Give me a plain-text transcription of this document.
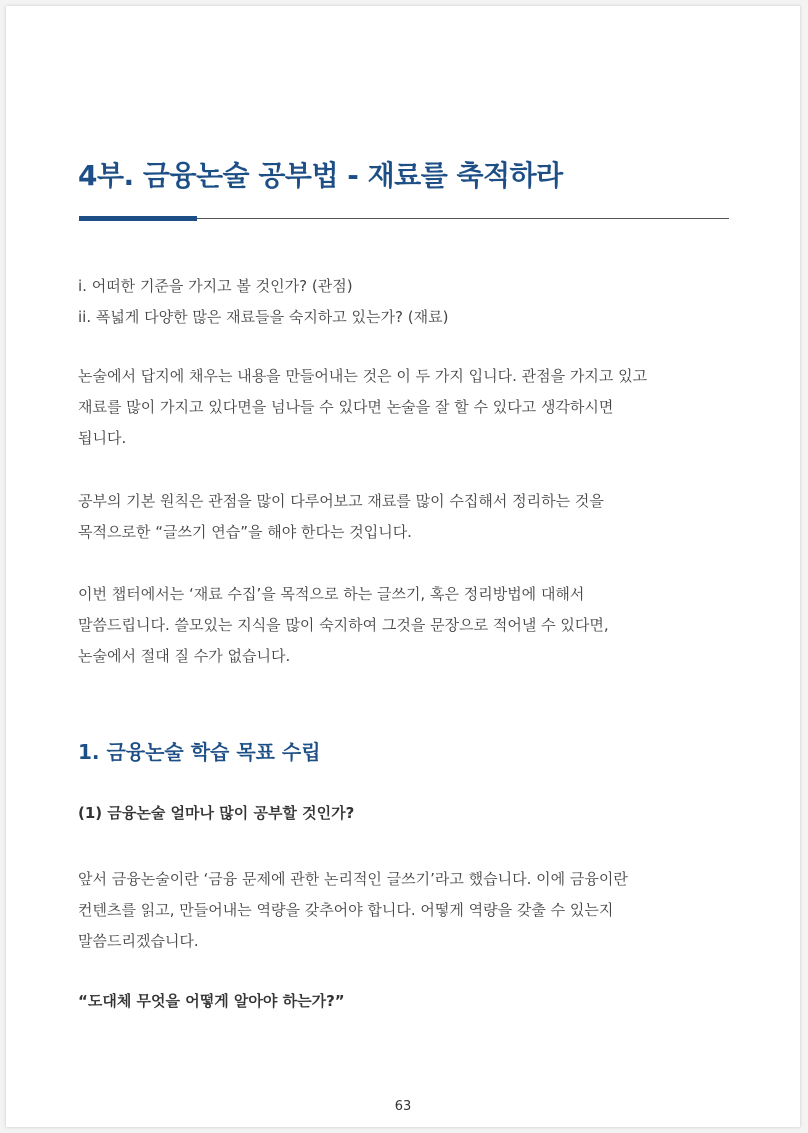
4부. 금융논술 공부법 - 재료를 축적하라

i. 어떠한 기준을 가지고 볼 것인가? (관점)
ii. 폭넓게 다양한 많은 재료들을 숙지하고 있는가? (재료)

논술에서 답지에 채우는 내용을 만들어내는 것은 이 두 가지 입니다. 관점을 가지고 있고
재료를 많이 가지고 있다면을 넘나들 수 있다면 논술을 잘 할 수 있다고 생각하시면
됩니다.

공부의 기본 원칙은 관점을 많이 다루어보고 재료를 많이 수집해서 정리하는 것을
목적으로한 “글쓰기 연습”을 해야 한다는 것입니다.

이번 챕터에서는 ‘재료 수집’을 목적으로 하는 글쓰기, 혹은 정리방법에 대해서
말씀드립니다. 쓸모있는 지식을 많이 숙지하여 그것을 문장으로 적어낼 수 있다면,
논술에서 절대 질 수가 없습니다.

1. 금융논술 학습 목표 수립
(1) 금융논술 얼마나 많이 공부할 것인가?

앞서 금융논술이란 ‘금융 문제에 관한 논리적인 글쓰기’라고 했습니다. 이에 금융이란
컨텐츠를 읽고, 만들어내는 역량을 갖추어야 합니다. 어떻게 역량을 갖출 수 있는지
말씀드리겠습니다.

“도대체 무엇을 어떻게 알아야 하는가?”

63
